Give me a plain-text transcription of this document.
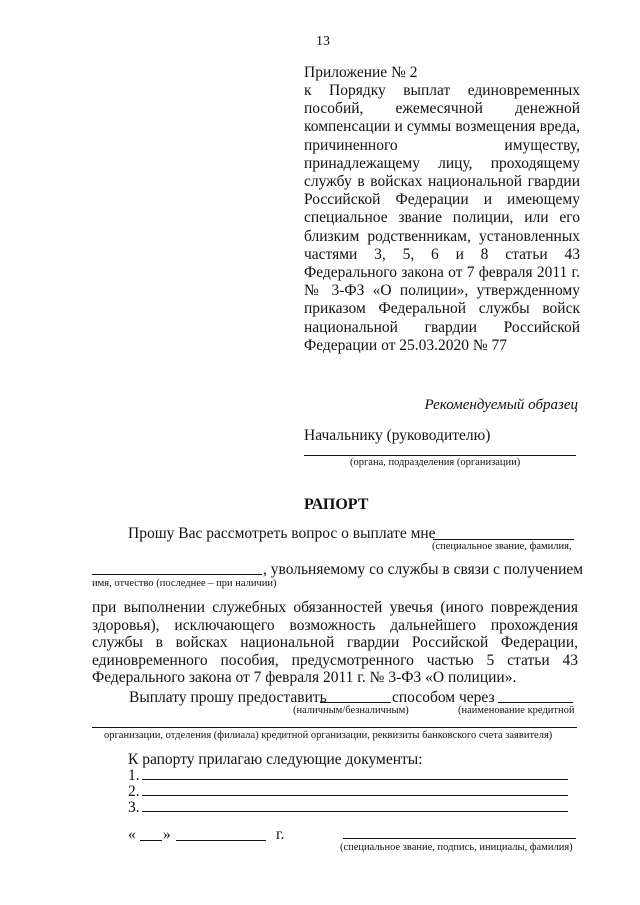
13
Приложение № 2
к Порядку выплат единовременных пособий, ежемесячной денежной компенсации и суммы возмещения вреда, причиненного имуществу, принадлежащему лицу, проходящему службу в войсках национальной гвардии Российской Федерации и имеющему специальное звание полиции, или его близким родственникам, установленных частями 3, 5, 6 и 8 статьи 43 Федерального закона от 7 февраля 2011 г. № 3-ФЗ «О полиции», утвержденному приказом Федеральной службы войск национальной гвардии Российской Федерации от 25.03.2020 № 77
Рекомендуемый образец
Начальнику (руководителю)
(органа, подразделения (организации)
РАПОРТ
Прошу Вас рассмотреть вопрос о выплате мне
(специальное звание, фамилия,
, увольняемому со службы в связи с получением
имя, отчество (последнее – при наличии)
при выполнении служебных обязанностей увечья (иного повреждения здоровья), исключающего возможность дальнейшего прохождения службы в войсках национальной гвардии Российской Федерации, единовременного пособия, предусмотренного частью 5 статьи 43 Федерального закона от 7 февраля 2011 г. № 3-ФЗ «О полиции».
Выплату прошу предоставить	способом через
(наличным/безналичным)	(наименование кредитной
организации, отделения (филиала) кредитной организации, реквизиты банковского счета заявителя)
К рапорту прилагаю следующие документы:
1.
2.
3.
« »	г.
(специальное звание, подпись, инициалы, фамилия)
